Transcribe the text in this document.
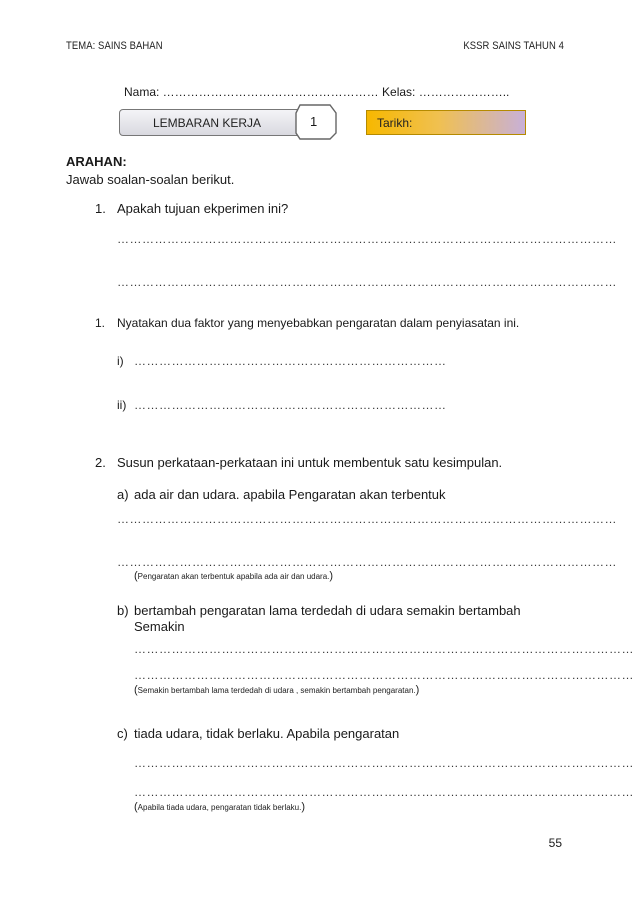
TEMA: SAINS BAHAN	KSSR SAINS TAHUN 4
Nama: ……………………………………………… Kelas: …………………..
LEMBARAN KERJA	1	Tarikh:
ARAHAN:
Jawab soalan-soalan berikut.
1. Apakah tujuan ekperimen ini?
…………………………………………………………………………………………………………
…………………………………………………………………………………………………………
1. Nyatakan dua faktor yang menyebabkan pengaratan dalam penyiasatan ini.
i) …………………………………………………………………
ii) …………………………………………………………………
2. Susun perkataan-perkataan ini untuk membentuk satu kesimpulan.
a) ada air dan udara. apabila Pengaratan akan terbentuk
…………………………………………………………………………………………………………
…………………………………………………………………………………………………………
(Pengaratan akan terbentuk apabila ada air dan udara.)
b) bertambah pengaratan lama terdedah di udara semakin bertambah
Semakin
…………………………………………………………………………………………………………
…………………………………………………………………………………………………………
(Semakin bertambah lama terdedah di udara , semakin bertambah pengaratan.)
c) tiada udara, tidak berlaku. Apabila pengaratan
…………………………………………………………………………………………………………
…………………………………………………………………………………………………………
(Apabila tiada udara, pengaratan tidak berlaku.)
55
